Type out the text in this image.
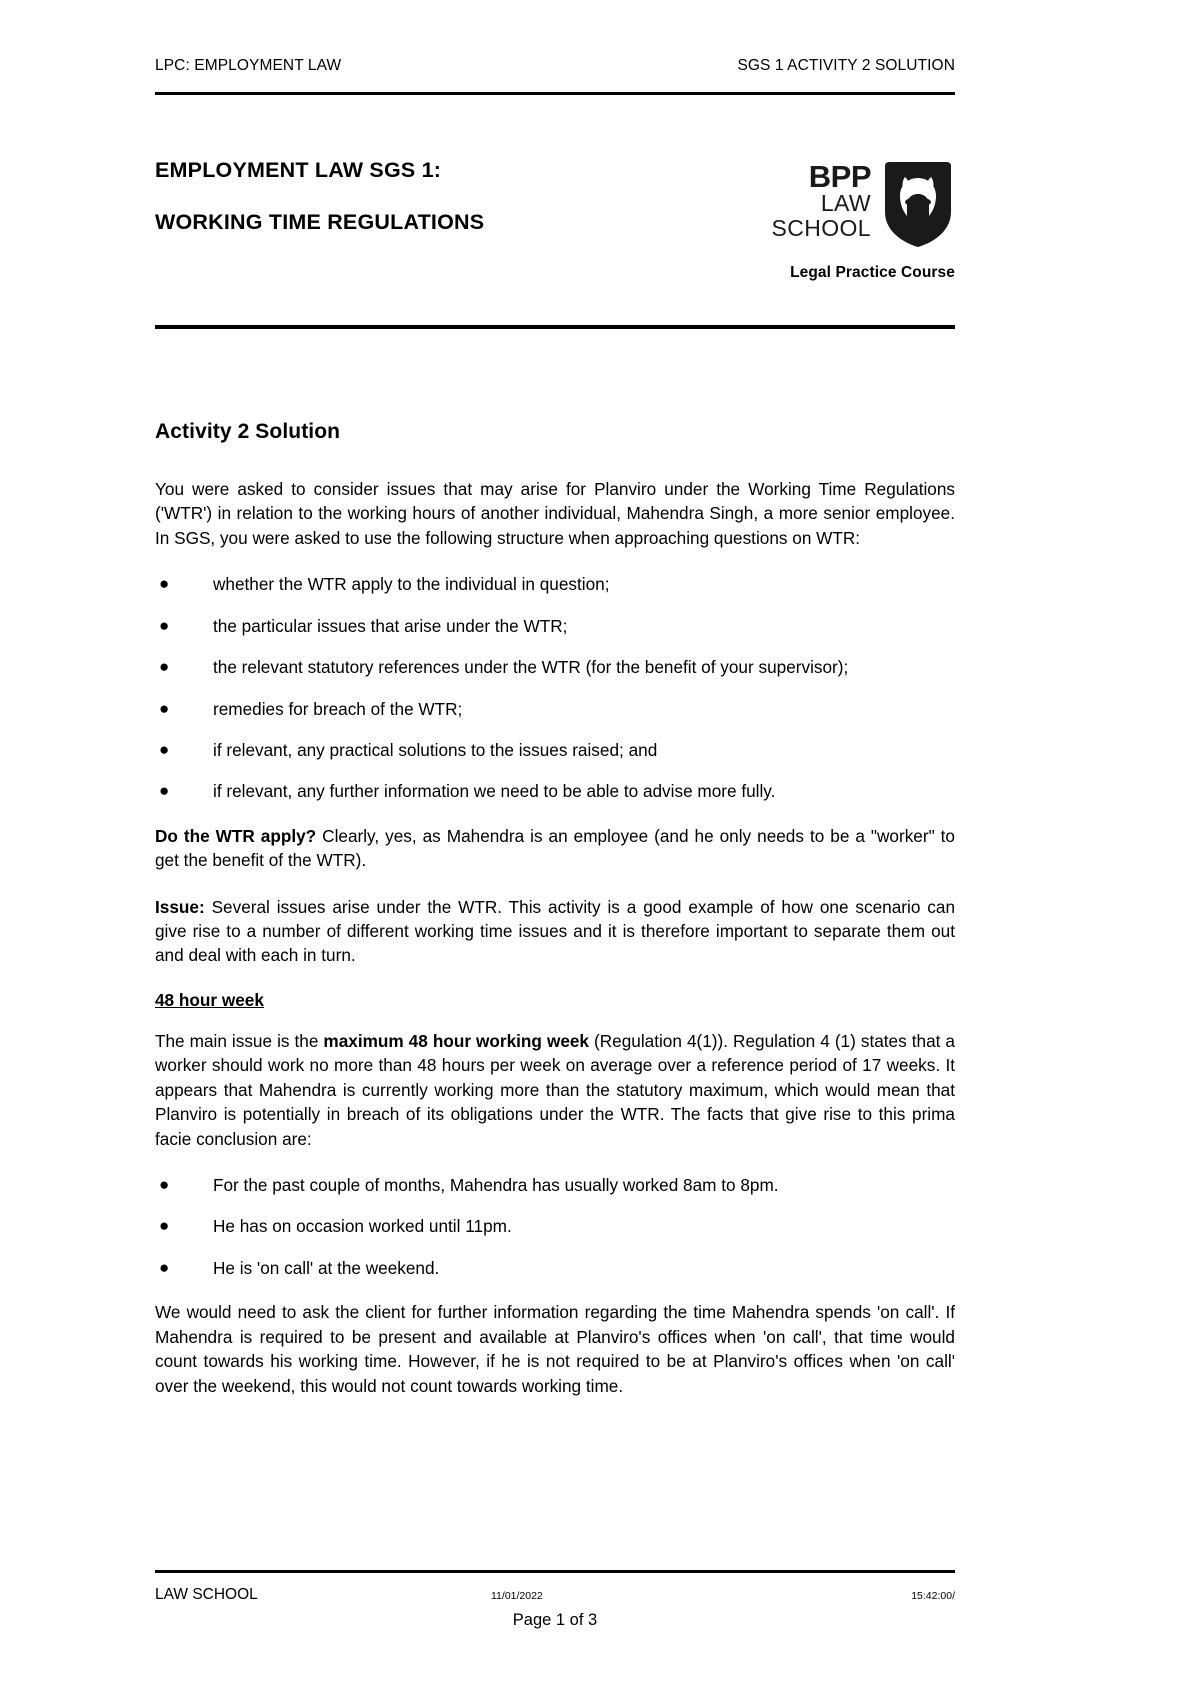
LPC: EMPLOYMENT LAW	SGS 1 ACTIVITY 2 SOLUTION
EMPLOYMENT LAW SGS 1:
WORKING TIME REGULATIONS
BPP
LAW
SCHOOL
Legal Practice Course
Activity 2 Solution

You were asked to consider issues that may arise for Planviro under the Working Time Regulations ('WTR') in relation to the working hours of another individual, Mahendra Singh, a more senior employee. In SGS, you were asked to use the following structure when approaching questions on WTR:

●	whether the WTR apply to the individual in question;
●	the particular issues that arise under the WTR;
●	the relevant statutory references under the WTR (for the benefit of your supervisor);
●	remedies for breach of the WTR;
●	if relevant, any practical solutions to the issues raised; and
●	if relevant, any further information we need to be able to advise more fully.

Do the WTR apply? Clearly, yes, as Mahendra is an employee (and he only needs to be a "worker" to get the benefit of the WTR).

Issue: Several issues arise under the WTR. This activity is a good example of how one scenario can give rise to a number of different working time issues and it is therefore important to separate them out and deal with each in turn.

48 hour week

The main issue is the maximum 48 hour working week (Regulation 4(1)). Regulation 4 (1) states that a worker should work no more than 48 hours per week on average over a reference period of 17 weeks. It appears that Mahendra is currently working more than the statutory maximum, which would mean that Planviro is potentially in breach of its obligations under the WTR. The facts that give rise to this prima facie conclusion are:

●	For the past couple of months, Mahendra has usually worked 8am to 8pm.
●	He has on occasion worked until 11pm.
●	He is 'on call' at the weekend.

We would need to ask the client for further information regarding the time Mahendra spends 'on call'. If Mahendra is required to be present and available at Planviro's offices when 'on call', that time would count towards his working time. However, if he is not required to be at Planviro's offices when 'on call' over the weekend, this would not count towards working time.

LAW SCHOOL	11/01/2022	15:42:00/
Page 1 of 3
